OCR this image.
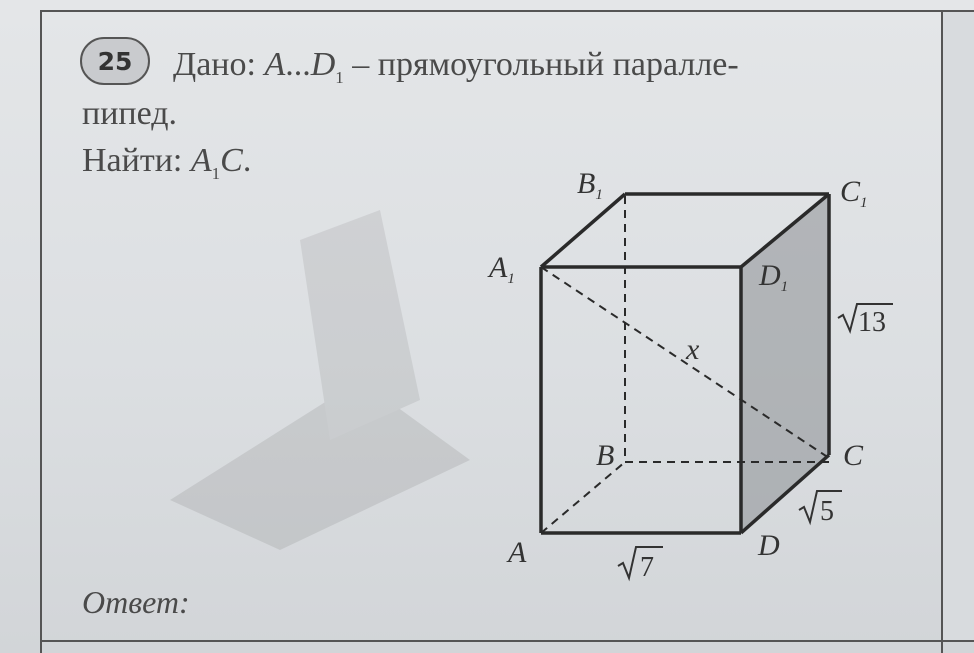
25 Дано: $A...D_1$ – прямоугольный паралле-
пипед.
Найти: $A_1C$.
$B_1$	$C_1$
$A_1$	$D_1$
B	C
A	D
x
13
5
7
Ответ:
